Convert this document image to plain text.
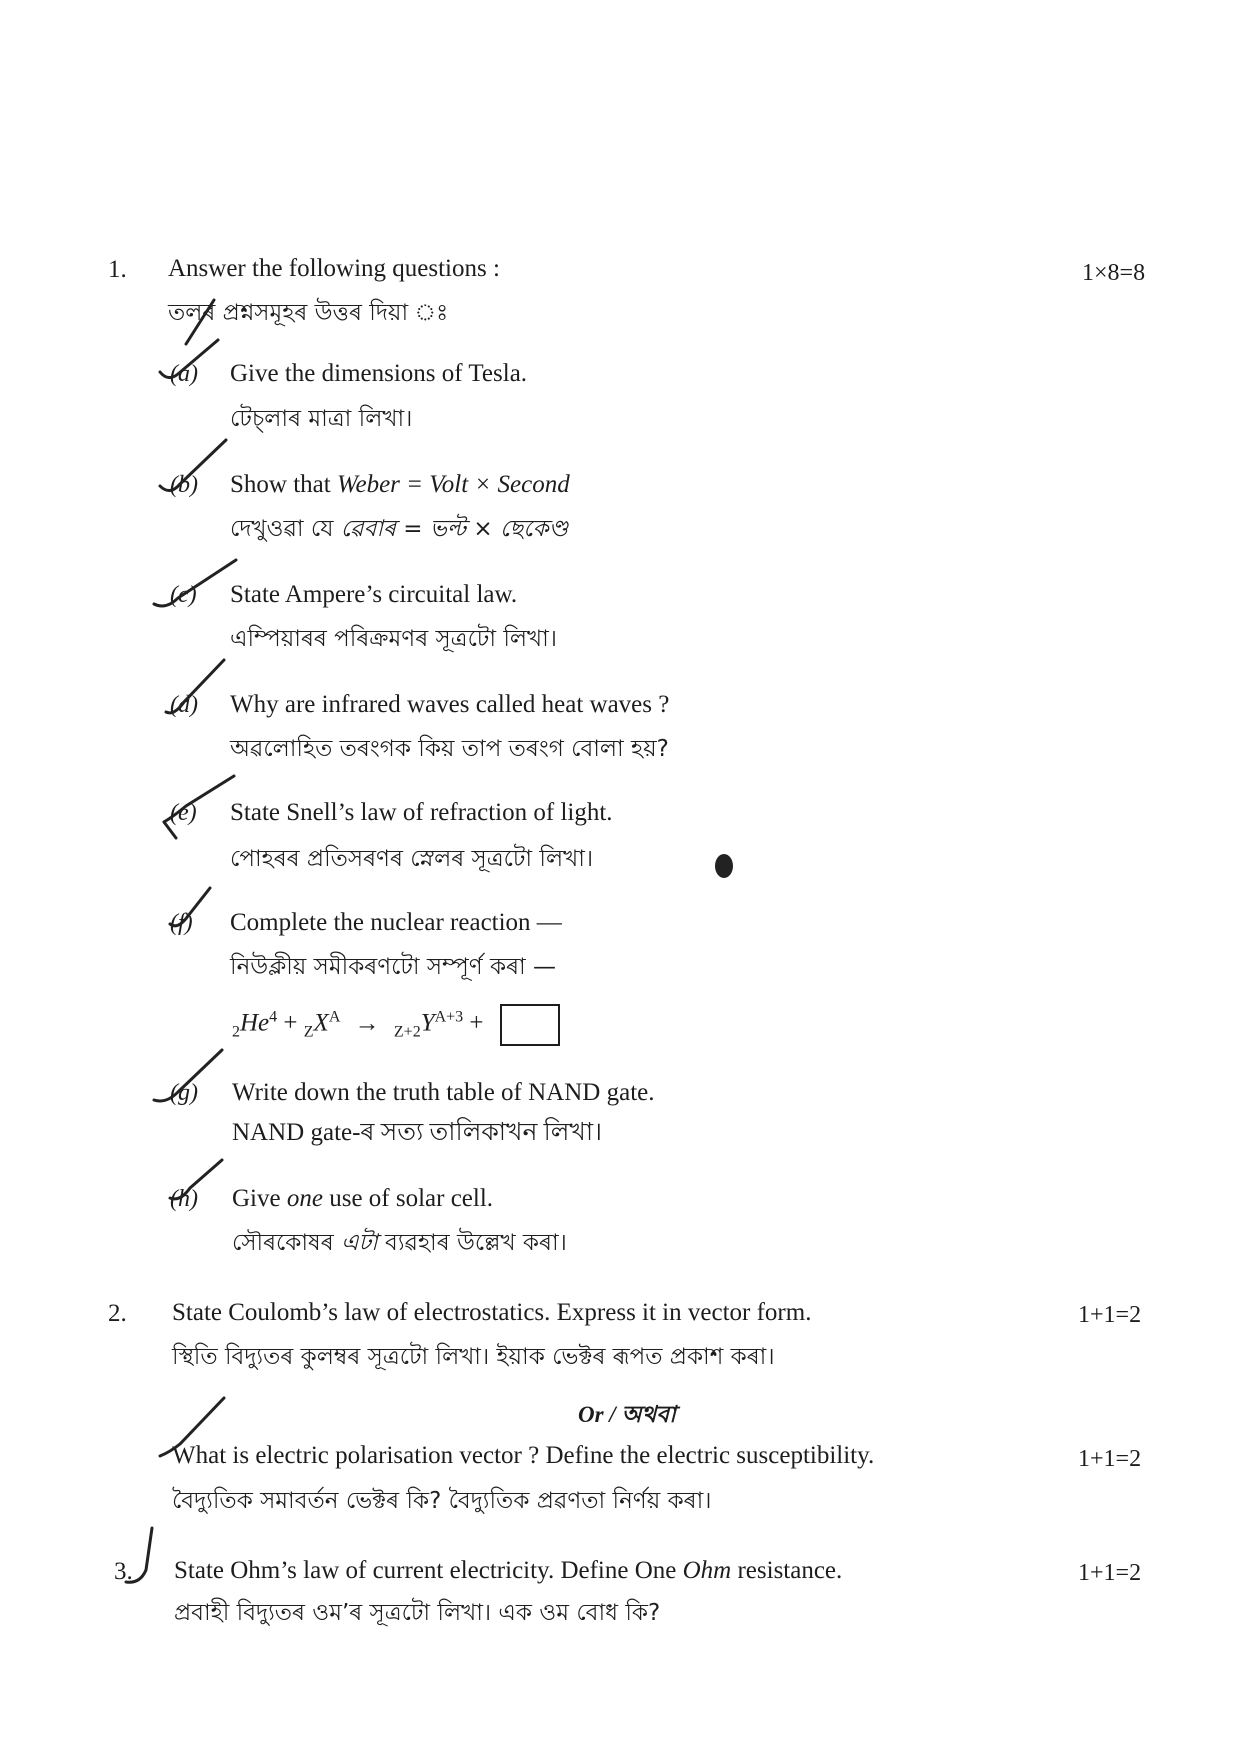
1. Answer the following questions :	1×8=8
তলৰ প্ৰশ্নসমূহৰ উত্তৰ দিয়া ঃ
(a) Give the dimensions of Tesla.
টেচ্‌লাৰ মাত্ৰা লিখা।
(b) Show that Weber = Volt × Second
দেখুওৱা যে ৱেবাৰ = ভল্ট × ছেকেণ্ড
(c) State Ampere’s circuital law.
এম্পিয়াৰৰ পৰিক্ৰমণৰ সূত্ৰটো লিখা।
(d) Why are infrared waves called heat waves ?
অৱলোহিত তৰংগক কিয় তাপ তৰংগ বোলা হয়?
(e) State Snell’s law of refraction of light.
পোহৰৰ প্ৰতিসৰণৰ স্নেলৰ সূত্ৰটো লিখা।
(f) Complete the nuclear reaction —
নিউক্লীয় সমীকৰণটো সম্পূৰ্ণ কৰা —
$_2He^4 + _ZX^A \to _{Z+2}Y^{A+3}$ +
(g) Write down the truth table of NAND gate.
NAND gate-ৰ সত্য তালিকাখন লিখা।
(h) Give one use of solar cell.
সৌৰকোষৰ এটা ব্যৱহাৰ উল্লেখ কৰা।
2. State Coulomb’s law of electrostatics. Express it in vector form.	1+1=2
স্থিতি বিদ্যুতৰ কুলম্বৰ সূত্ৰটো লিখা। ইয়াক ভেক্টৰ ৰূপত প্ৰকাশ কৰা।
Or / অথবা
What is electric polarisation vector ? Define the electric susceptibility.	1+1=2
বৈদ্যুতিক সমাবৰ্তন ভেক্টৰ কি? বৈদ্যুতিক প্ৰৱণতা নিৰ্ণয় কৰা।
3. State Ohm’s law of current electricity. Define One Ohm resistance.	1+1=2
প্ৰবাহী বিদ্যুতৰ ওম’ৰ সূত্ৰটো লিখা। এক ওম বোধ কি?
